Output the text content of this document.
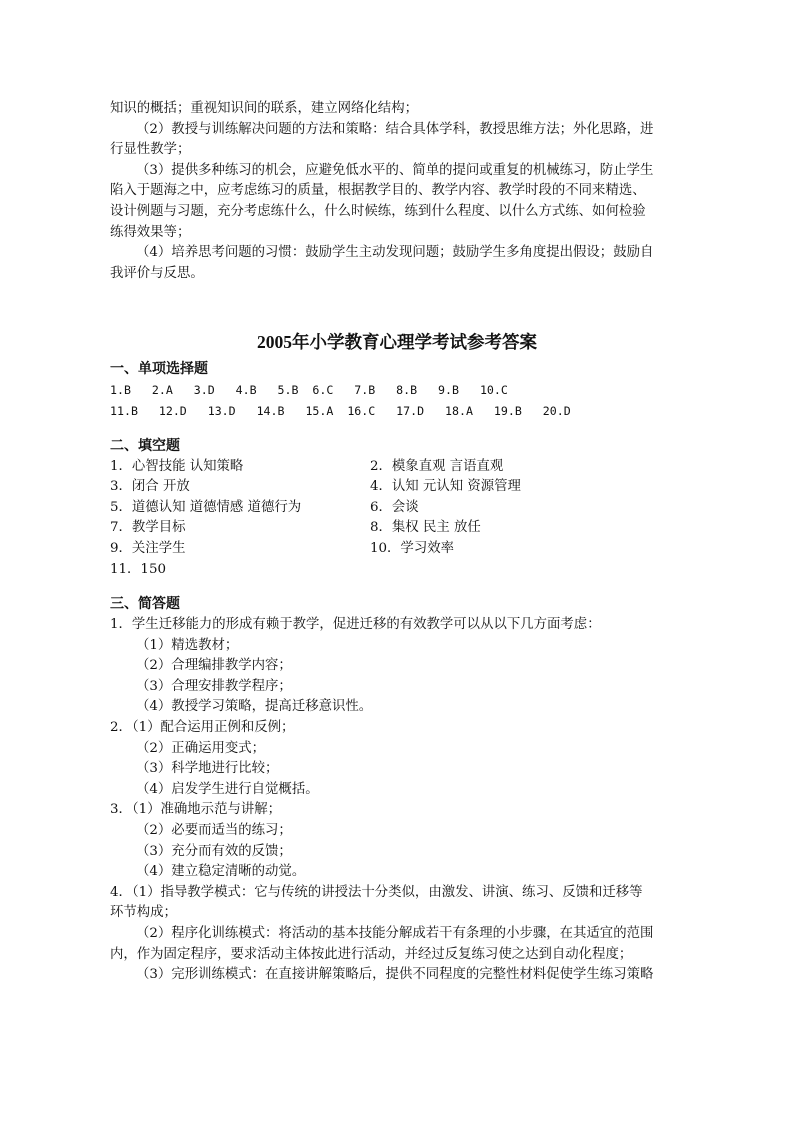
知识的概括；重视知识间的联系，建立网络化结构；

（2）教授与训练解决问题的方法和策略：结合具体学科，教授思维方法；外化思路，进

行显性教学；

（3）提供多种练习的机会，应避免低水平的、简单的提问或重复的机械练习，防止学生

陷入于题海之中，应考虑练习的质量，根据教学目的、教学内容、教学时段的不同来精选、

设计例题与习题，充分考虑练什么，什么时候练，练到什么程度、以什么方式练、如何检验

练得效果等；

（4）培养思考问题的习惯：鼓励学生主动发现问题；鼓励学生多角度提出假设；鼓励自

我评价与反思。

2005年小学教育心理学考试参考答案

一、单项选择题

1.B   2.A   3.D   4.B   5.B  6.C   7.B   8.B   9.B   10.C

11.B   12.D   13.D   14.B   15.A  16.C   17.D   18.A   19.B   20.D

二、填空题

1．心智技能 认知策略	2．模象直观 言语直观

3．闭合 开放	4．认知 元认知 资源管理

5．道德认知 道德情感 道德行为	6．会谈

7．教学目标	8．集权 民主 放任

9．关注学生	10．学习效率

11．150

三、简答题

1．学生迁移能力的形成有赖于教学，促进迁移的有效教学可以从以下几方面考虑：

（1）精选教材；

（2）合理编排教学内容；

（3）合理安排教学程序；

（4）教授学习策略，提高迁移意识性。

2．（1）配合运用正例和反例；

（2）正确运用变式；

（3）科学地进行比较；

（4）启发学生进行自觉概括。

3．（1）准确地示范与讲解；

（2）必要而适当的练习；

（3）充分而有效的反馈；

（4）建立稳定清晰的动觉。

4．（1）指导教学模式：它与传统的讲授法十分类似，由激发、讲演、练习、反馈和迁移等

环节构成；

（2）程序化训练模式：将活动的基本技能分解成若干有条理的小步骤，在其适宜的范围

内，作为固定程序，要求活动主体按此进行活动，并经过反复练习使之达到自动化程度；

（3）完形训练模式：在直接讲解策略后，提供不同程度的完整性材料促使学生练习策略
